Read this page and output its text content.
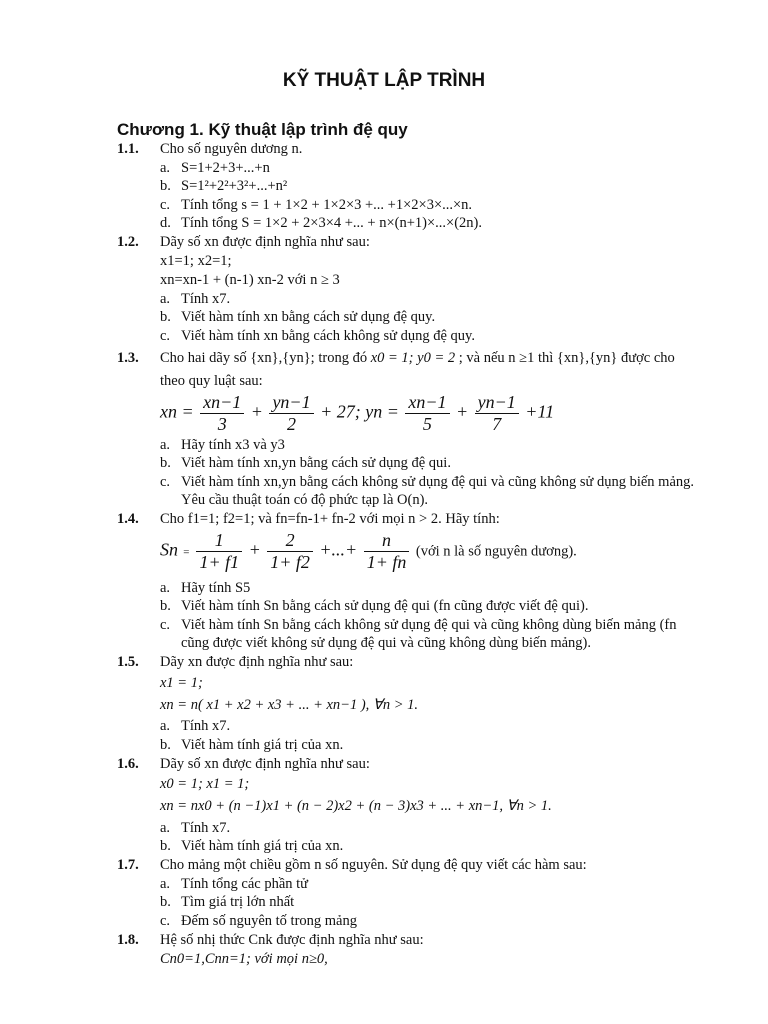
KỸ THUẬT LẬP TRÌNH
Chương 1. Kỹ thuật lập trình đệ quy
1.1. Cho số nguyên dương n.
a. S=1+2+3+...+n
b. S=1²+2²+3²+...+n²
c. Tính tổng s = 1 + 1×2 + 1×2×3 +... +1×2×3×...×n.
d. Tính tổng S = 1×2 + 2×3×4 +... + n×(n+1)×...×(2n).
1.2. Dãy số xn được định nghĩa như sau:
x1=1; x2=1;
xn=xn-1 + (n-1) xn-2 với n ≥ 3
a. Tính x7.
b. Viết hàm tính xn bằng cách sử dụng đệ quy.
c. Viết hàm tính xn bằng cách không sử dụng đệ quy.
1.3. Cho hai dãy số {xn},{yn}; trong đó x0 = 1; y0 = 2 ; và nếu n ≥1 thì {xn},{yn} được cho
theo quy luật sau:
xn = $\frac{xn-1}{3} + \frac{yn-1}{2} + 27$; yn = $\frac{xn-1}{5} + \frac{yn-1}{7} +11$
a. Hãy tính x3 và y3
b. Viết hàm tính xn,yn bằng cách sử dụng đệ qui.
c. Viết hàm tính xn,yn bằng cách không sử dụng đệ qui và cũng không sử dụng biến mảng.
Yêu cầu thuật toán có độ phức tạp là O(n).
1.4. Cho f1=1; f2=1; và fn=fn-1+ fn-2 với mọi n > 2. Hãy tính:
$Sn = \frac{1}{1+ f1} + \frac{2}{1+ f2}$ +...+ $\frac{n}{1+ fn}$ (với n là số nguyên dương).
a. Hãy tính S5
b. Viết hàm tính Sn bằng cách sử dụng đệ qui (fn cũng được viết đệ qui).
c. Viết hàm tính Sn bằng cách không sử dụng đệ qui và cũng không dùng biến mảng (fn
cũng được viết không sử dụng đệ qui và cũng không dùng biến mảng).
1.5. Dãy xn được định nghĩa như sau:
x1 = 1;
xn = n( x1 + x2 + x3 + ... + xn−1 ), ∀n > 1.
a. Tính x7.
b. Viết hàm tính giá trị của xn.
1.6. Dãy số xn được định nghĩa như sau:
x0 = 1; x1 = 1;
xn = nx0 + (n −1)x1 + (n − 2)x2 + (n − 3)x3 + ... + xn−1, ∀n > 1.
a. Tính x7.
b. Viết hàm tính giá trị của xn.
1.7. Cho mảng một chiều gồm n số nguyên. Sử dụng đệ quy viết các hàm sau:
a. Tính tổng các phần tử
b. Tìm giá trị lớn nhất
c. Đếm số nguyên tố trong mảng
1.8. Hệ số nhị thức Cnk được định nghĩa như sau:
Cn0=1,Cnn=1; với mọi n≥0,
